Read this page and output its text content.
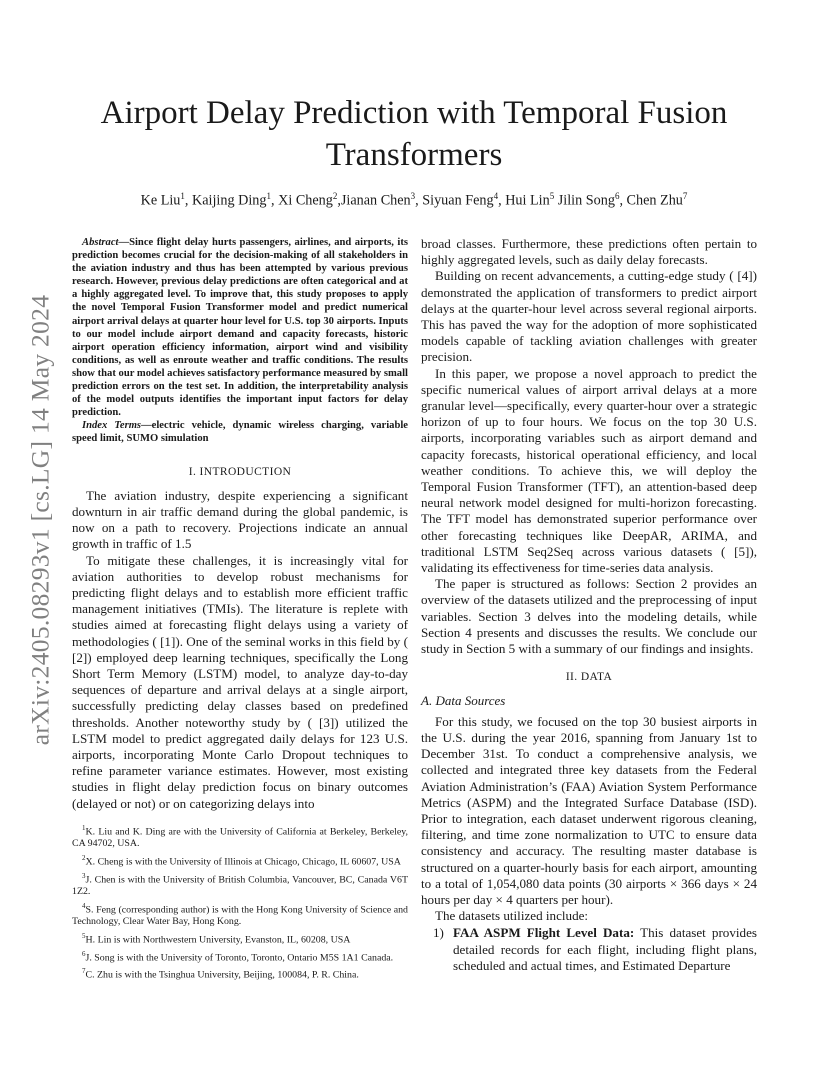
arXiv:2405.08293v1 [cs.LG] 14 May 2024
Airport Delay Prediction with Temporal Fusion Transformers
Ke Liu$^1$, Kaijing Ding$^1$, Xi Cheng$^2$,Jianan Chen$^3$, Siyuan Feng$^4$, Hui Lin$^5$ Jilin Song$^6$, Chen Zhu$^7$

Abstract—Since flight delay hurts passengers, airlines, and airports, its prediction becomes crucial for the decision-making of all stakeholders in the aviation industry and thus has been attempted by various previous research. However, previous delay predictions are often categorical and at a highly aggregated level. To improve that, this study proposes to apply the novel Temporal Fusion Transformer model and predict numerical airport arrival delays at quarter hour level for U.S. top 30 airports. Inputs to our model include airport demand and capacity forecasts, historic airport operation efficiency information, airport wind and visibility conditions, as well as enroute weather and traffic conditions. The results show that our model achieves satisfactory performance measured by small prediction errors on the test set. In addition, the interpretability analysis of the model outputs identifies the important input factors for delay prediction.

Index Terms—electric vehicle, dynamic wireless charging, variable speed limit, SUMO simulation

I. INTRODUCTION

The aviation industry, despite experiencing a significant downturn in air traffic demand during the global pandemic, is now on a path to recovery. Projections indicate an annual growth in traffic of 1.5

To mitigate these challenges, it is increasingly vital for aviation authorities to develop robust mechanisms for predicting flight delays and to establish more efficient traffic management initiatives (TMIs). The literature is replete with studies aimed at forecasting flight delays using a variety of methodologies ( [1]). One of the seminal works in this field by ( [2]) employed deep learning techniques, specifically the Long Short Term Memory (LSTM) model, to analyze day-to-day sequences of departure and arrival delays at a single airport, successfully predicting delay classes based on predefined thresholds. Another noteworthy study by ( [3]) utilized the LSTM model to predict aggregated daily delays for 123 U.S. airports, incorporating Monte Carlo Dropout techniques to refine parameter variance estimates. However, most existing studies in flight delay prediction focus on binary outcomes (delayed or not) or on categorizing delays into

$^1$K. Liu and K. Ding are with the University of California at Berkeley, Berkeley, CA 94702, USA.

$^2$X. Cheng is with the University of Illinois at Chicago, Chicago, IL 60607, USA

$^3$J. Chen is with the University of British Columbia, Vancouver, BC, Canada V6T 1Z2.

$^4$S. Feng (corresponding author) is with the Hong Kong University of Science and Technology, Clear Water Bay, Hong Kong.

$^5$H. Lin is with Northwestern University, Evanston, IL, 60208, USA

$^6$J. Song is with the University of Toronto, Toronto, Ontario M5S 1A1 Canada.

$^7$C. Zhu is with the Tsinghua University, Beijing, 100084, P. R. China.

broad classes. Furthermore, these predictions often pertain to highly aggregated levels, such as daily delay forecasts.

Building on recent advancements, a cutting-edge study ( [4]) demonstrated the application of transformers to predict airport delays at the quarter-hour level across several regional airports. This has paved the way for the adoption of more sophisticated models capable of tackling aviation challenges with greater precision.

In this paper, we propose a novel approach to predict the specific numerical values of airport arrival delays at a more granular level—specifically, every quarter-hour over a strategic horizon of up to four hours. We focus on the top 30 U.S. airports, incorporating variables such as airport demand and capacity forecasts, historical operational efficiency, and local weather conditions. To achieve this, we will deploy the Temporal Fusion Transformer (TFT), an attention-based deep neural network model designed for multi-horizon forecasting. The TFT model has demonstrated superior performance over other forecasting techniques like DeepAR, ARIMA, and traditional LSTM Seq2Seq across various datasets ( [5]), validating its effectiveness for time-series data analysis.

The paper is structured as follows: Section 2 provides an overview of the datasets utilized and the preprocessing of input variables. Section 3 delves into the modeling details, while Section 4 presents and discusses the results. We conclude our study in Section 5 with a summary of our findings and insights.

II. DATA
A. Data Sources

For this study, we focused on the top 30 busiest airports in the U.S. during the year 2016, spanning from January 1st to December 31st. To conduct a comprehensive analysis, we collected and integrated three key datasets from the Federal Aviation Administration’s (FAA) Aviation System Performance Metrics (ASPM) and the Integrated Surface Database (ISD). Prior to integration, each dataset underwent rigorous cleaning, filtering, and time zone normalization to UTC to ensure data consistency and accuracy. The resulting master database is structured on a quarter-hourly basis for each airport, amounting to a total of 1,054,080 data points (30 airports × 366 days × 24 hours per day × 4 quarters per hour).

The datasets utilized include:

1) FAA ASPM Flight Level Data: This dataset provides detailed records for each flight, including flight plans, scheduled and actual times, and Estimated Departure
